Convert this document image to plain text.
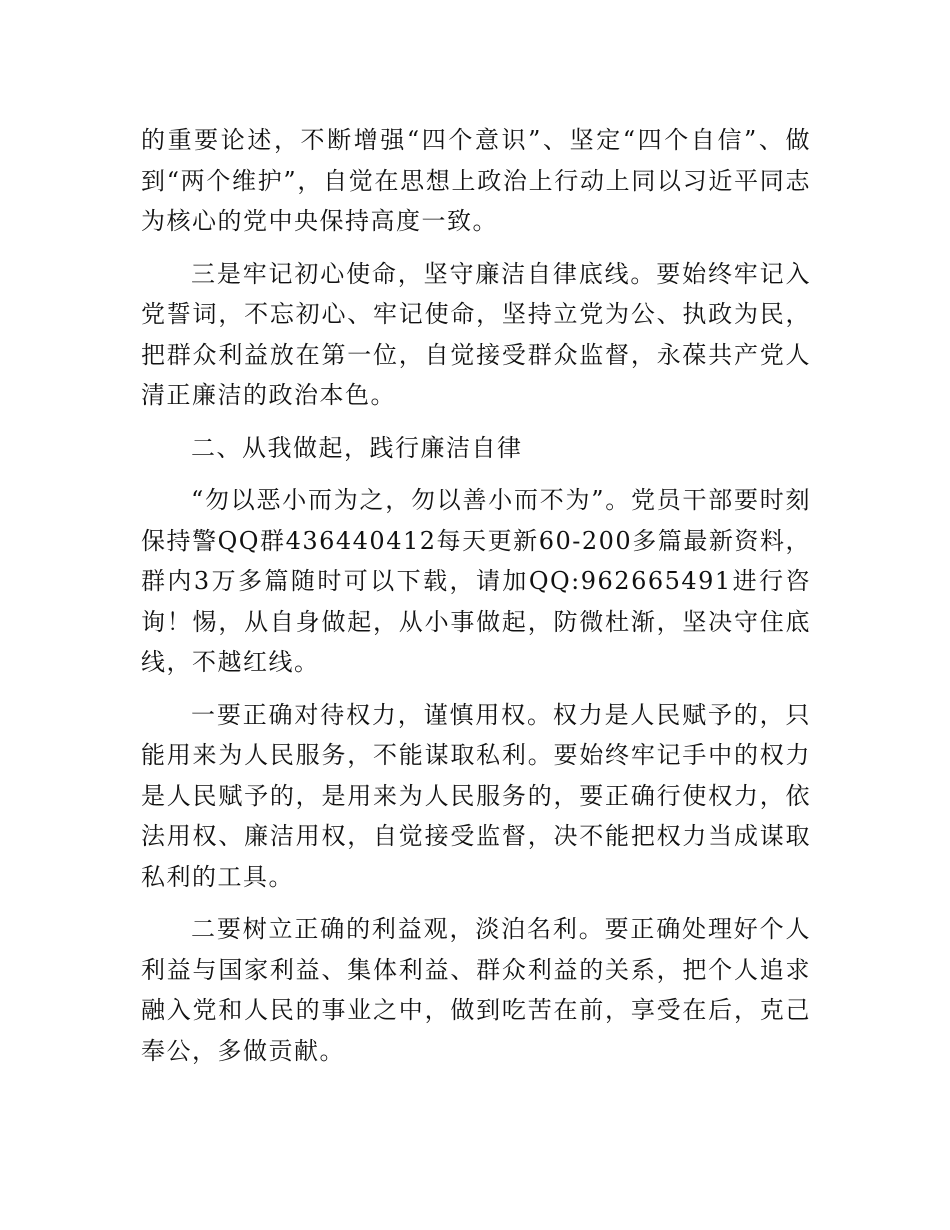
的重要论述，不断增强“四个意识”、坚定“四个自信”、做到“两个维护”，自觉在思想上政治上行动上同以习近平同志为核心的党中央保持高度一致。

三是牢记初心使命，坚守廉洁自律底线。要始终牢记入党誓词，不忘初心、牢记使命，坚持立党为公、执政为民，把群众利益放在第一位，自觉接受群众监督，永葆共产党人清正廉洁的政治本色。

二、从我做起，践行廉洁自律

“勿以恶小而为之，勿以善小而不为”。党员干部要时刻保持警QQ群436440412每天更新60-200多篇最新资料，群内3万多篇随时可以下载，请加QQ:962665491进行咨询！惕，从自身做起，从小事做起，防微杜渐，坚决守住底线，不越红线。

一要正确对待权力，谨慎用权。权力是人民赋予的，只能用来为人民服务，不能谋取私利。要始终牢记手中的权力是人民赋予的，是用来为人民服务的，要正确行使权力，依法用权、廉洁用权，自觉接受监督，决不能把权力当成谋取私利的工具。

二要树立正确的利益观，淡泊名利。要正确处理好个人利益与国家利益、集体利益、群众利益的关系，把个人追求融入党和人民的事业之中，做到吃苦在前，享受在后，克己奉公，多做贡献。
